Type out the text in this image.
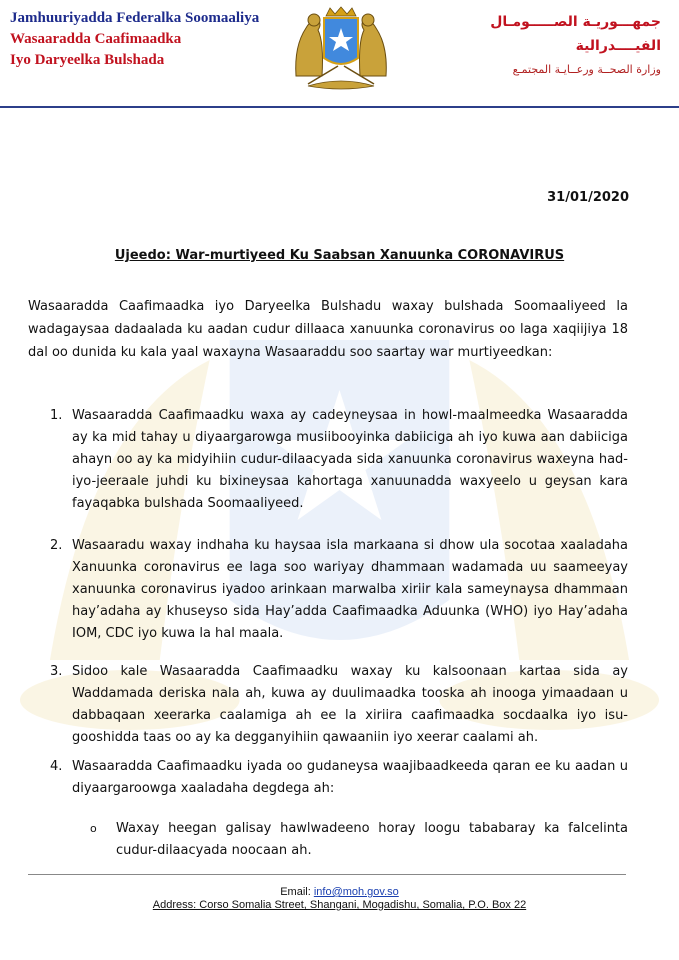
Jamhuuriyadda Federalka Soomaaliya
Wasaaradda Caafimaadka
Iyo Daryeelka Bulshada
جمهـــوريـة الصـــــومـال الفيــــدرالية
وزارة الصحــة ورعــايـة المجتمـع
31/01/2020
Ujeedo: War-murtiyeed Ku Saabsan Xanuunka CORONAVIRUS
Wasaaradda Caafimaadka iyo Daryeelka Bulshadu waxay bulshada Soomaaliyeed la wadagaysaa dadaalada ku aadan cudur dillaaca xanuunka coronavirus oo laga xaqiijiya 18 dal oo dunida ku kala yaal waxayna Wasaaraddu soo saartay war murtiyeedkan:
1. Wasaaradda Caafimaadku waxa ay cadeyneysaa in howl-maalmeedka Wasaaradda ay ka mid tahay u diyaargarowga musiibooyinka dabiiciga ah iyo kuwa aan dabiiciga ahayn oo ay ka midyihiin cudur-dilaacyada sida xanuunka coronavirus waxeyna had-iyo-jeeraale juhdi ku bixineysaa kahortaga xanuunadda waxyeelo u geysan kara fayaqabka bulshada Soomaaliyeed.
2. Wasaaradu waxay indhaha ku haysaa isla markaana si dhow ula socotaa xaaladaha Xanuunka coronavirus ee laga soo wariyay dhammaan wadamada uu saameeyay xanuunka coronavirus iyadoo arinkaan marwalba xiriir kala sameynaysa dhammaan hay’adaha ay khuseyso sida Hay’adda Caafimaadka Aduunka (WHO) iyo Hay’adaha IOM, CDC iyo kuwa la hal maala.
3. Sidoo kale Wasaaradda Caafimaadku waxay ku kalsoonaan kartaa sida ay Waddamada deriska nala ah, kuwa ay duulimaadka tooska ah inooga yimaadaan u dabbaqaan xeerarka caalamiga ah ee la xiriira caafimaadka socdaalka iyo isu-gooshidda taas oo ay ka degganyihiin qawaaniin iyo xeerar caalami ah.
4. Wasaaradda Caafimaadku iyada oo gudaneysa waajibaadkeeda qaran ee ku aadan u diyaargaroowga xaaladaha degdega ah:
o Waxay heegan galisay hawlwadeeno horay loogu tababaray ka falcelinta cudur-dilaacyada noocaan ah.
Email: info@moh.gov.so
Address: Corso Somalia Street, Shangani, Mogadishu, Somalia, P.O. Box 22
